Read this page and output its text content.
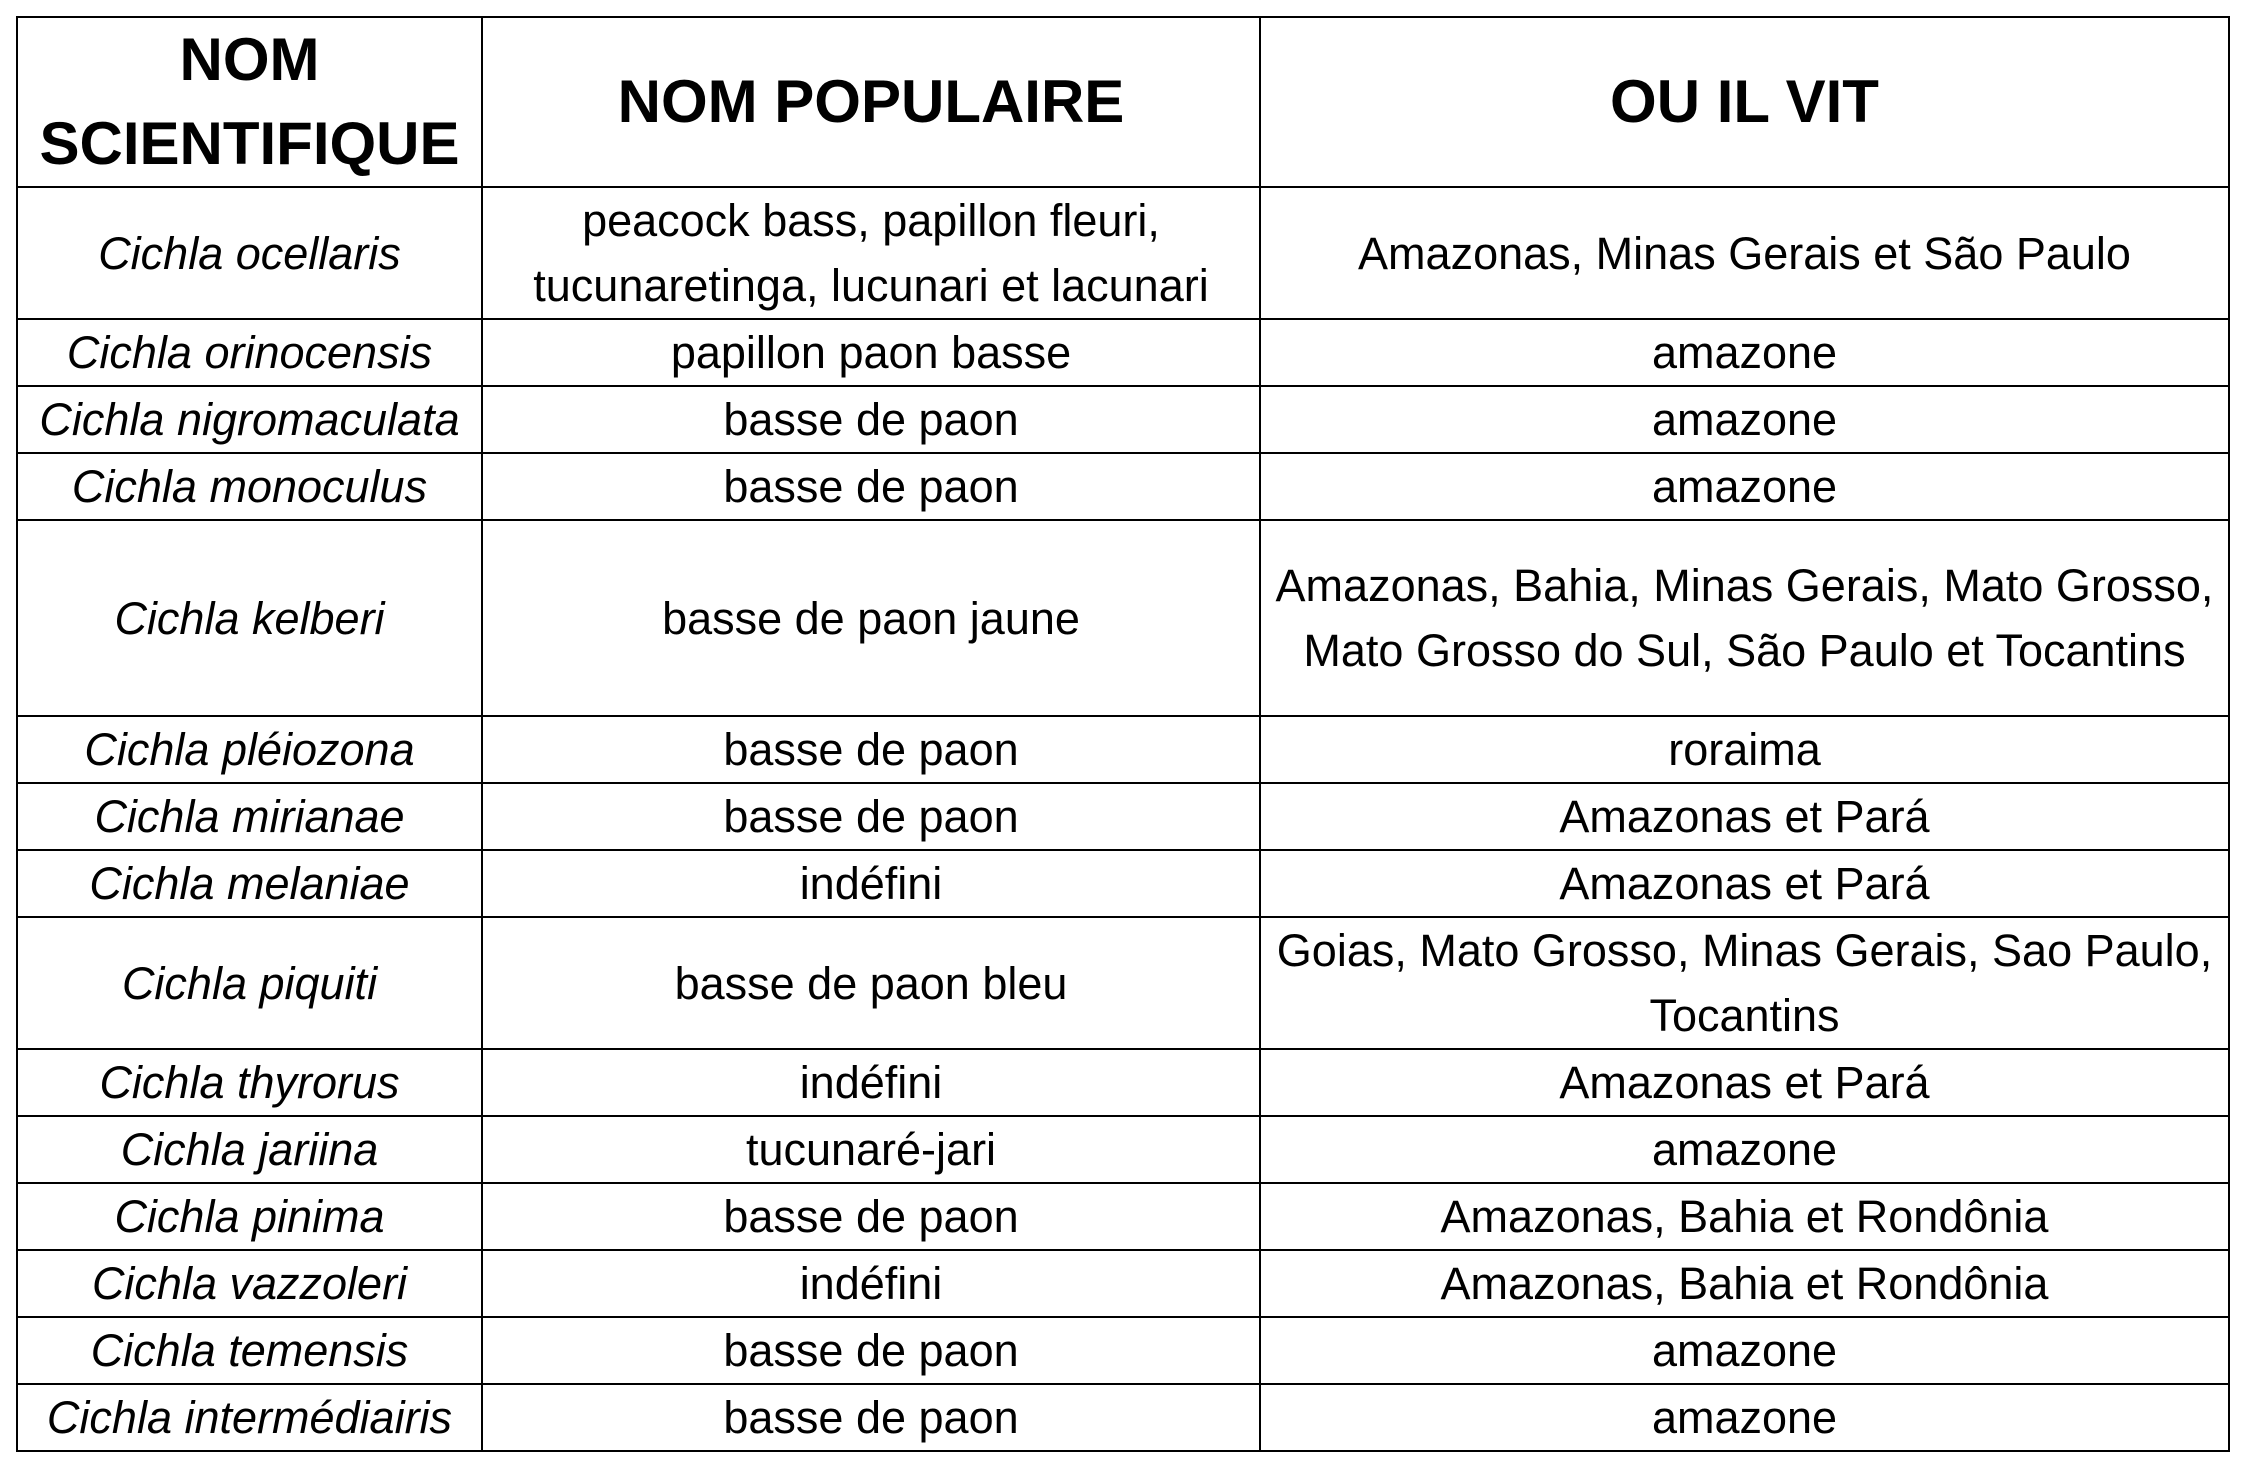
NOM SCIENTIFIQUE	NOM POPULAIRE	OU IL VIT
Cichla ocellaris	peacock bass, papillon fleuri, tucunaretinga, lucunari et lacunari	Amazonas, Minas Gerais et São Paulo
Cichla orinocensis	papillon paon basse	amazone
Cichla nigromaculata	basse de paon	amazone
Cichla monoculus	basse de paon	amazone
Cichla kelberi	basse de paon jaune	Amazonas, Bahia, Minas Gerais, Mato Grosso, Mato Grosso do Sul, São Paulo et Tocantins
Cichla pléiozona	basse de paon	roraima
Cichla mirianae	basse de paon	Amazonas et Pará
Cichla melaniae	indéfini	Amazonas et Pará
Cichla piquiti	basse de paon bleu	Goias, Mato Grosso, Minas Gerais, Sao Paulo, Tocantins
Cichla thyrorus	indéfini	Amazonas et Pará
Cichla jariina	tucunaré-jari	amazone
Cichla pinima	basse de paon	Amazonas, Bahia et Rondônia
Cichla vazzoleri	indéfini	Amazonas, Bahia et Rondônia
Cichla temensis	basse de paon	amazone
Cichla intermédiairis	basse de paon	amazone
